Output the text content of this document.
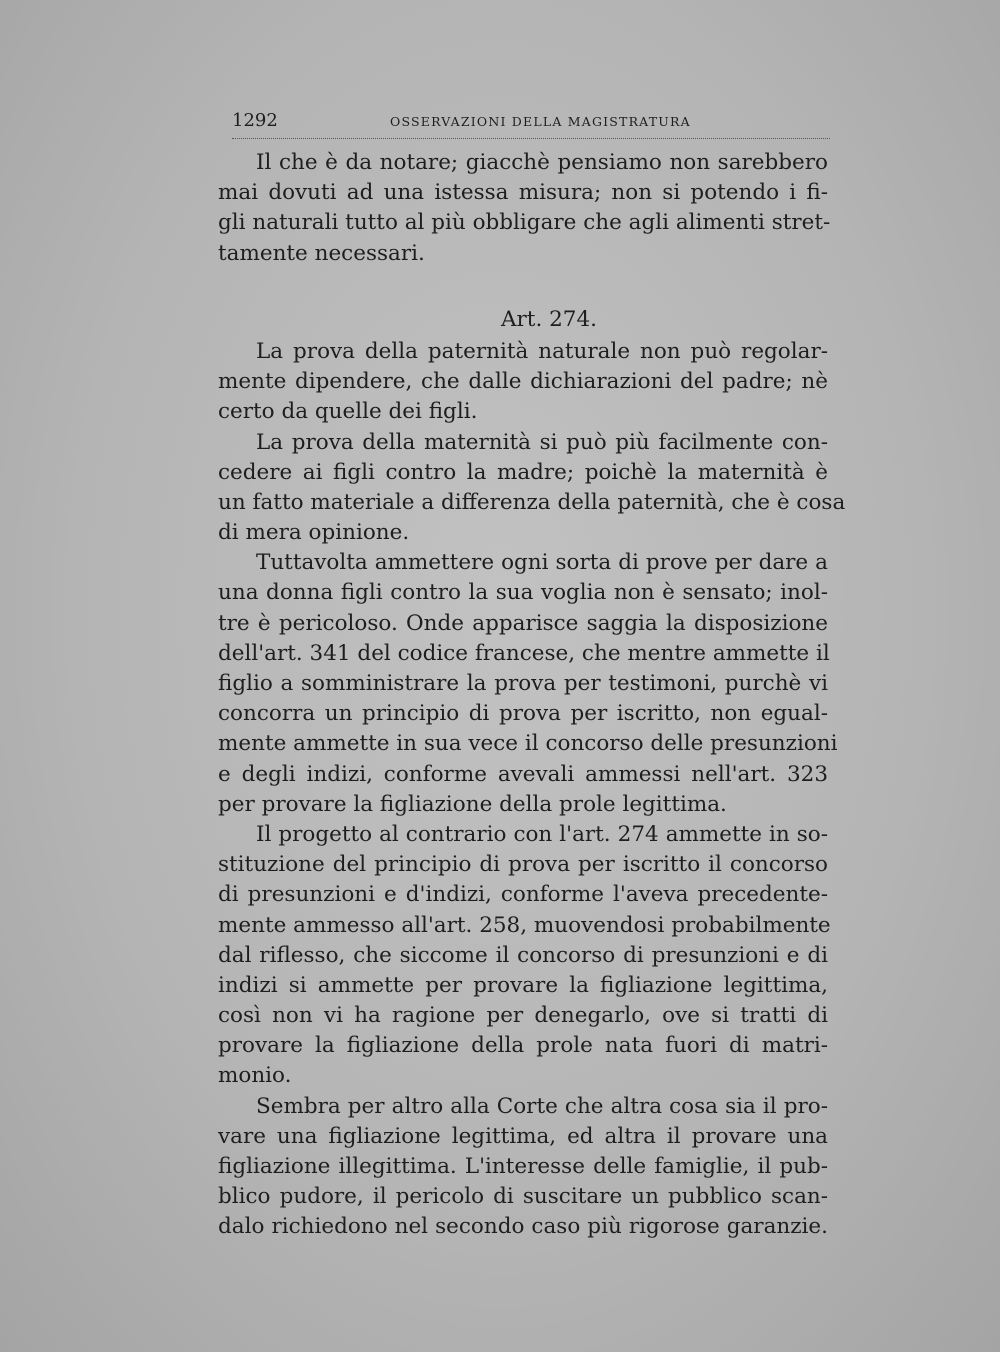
1292	OSSERVAZIONI DELLA MAGISTRATURA
Il che è da notare; giacchè pensiamo non sarebbero
mai dovuti ad una istessa misura; non si potendo i fi-
gli naturali tutto al più obbligare che agli alimenti stret-
tamente necessari.
Art. 274.
La prova della paternità naturale non può regolar-
mente dipendere, che dalle dichiarazioni del padre; nè
certo da quelle dei figli.
La prova della maternità si può più facilmente con-
cedere ai figli contro la madre; poichè la maternità è
un fatto materiale a differenza della paternità, che è cosa
di mera opinione.
Tuttavolta ammettere ogni sorta di prove per dare a
una donna figli contro la sua voglia non è sensato; inol-
tre è pericoloso. Onde apparisce saggia la disposizione
dell'art. 341 del codice francese, che mentre ammette il
figlio a somministrare la prova per testimoni, purchè vi
concorra un principio di prova per iscritto, non egual-
mente ammette in sua vece il concorso delle presunzioni
e degli indizi, conforme avevali ammessi nell'art. 323
per provare la figliazione della prole legittima.
Il progetto al contrario con l'art. 274 ammette in so-
stituzione del principio di prova per iscritto il concorso
di presunzioni e d'indizi, conforme l'aveva precedente-
mente ammesso all'art. 258, muovendosi probabilmente
dal riflesso, che siccome il concorso di presunzioni e di
indizi si ammette per provare la figliazione legittima,
così non vi ha ragione per denegarlo, ove si tratti di
provare la figliazione della prole nata fuori di matri-
monio.
Sembra per altro alla Corte che altra cosa sia il pro-
vare una figliazione legittima, ed altra il provare una
figliazione illegittima. L'interesse delle famiglie, il pub-
blico pudore, il pericolo di suscitare un pubblico scan-
dalo richiedono nel secondo caso più rigorose garanzie.
